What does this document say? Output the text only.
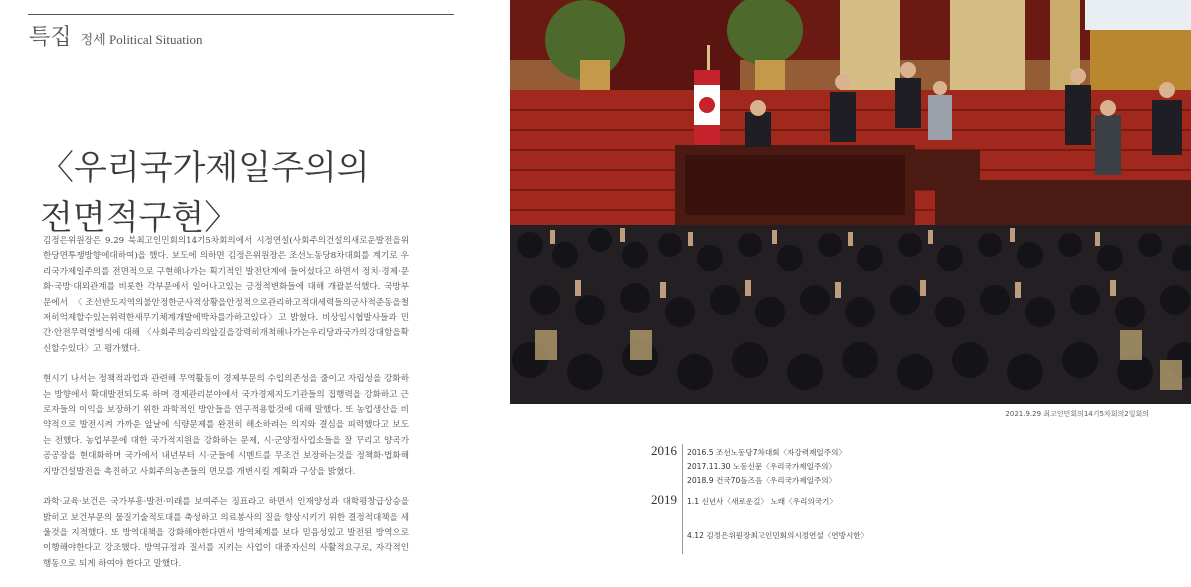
특집 정세 Political Situation
〈우리국가제일주의의
전면적구현〉

김정은위원장은 9.29 북최고인민회의14기5차회의에서 시정연설(사회주의건설의새로운발전을위한당면투쟁방향에대하여)을 했다. 보도에 의하면 김정은위원장은 조선노동당8차대회를 계기로 우리국가제일주의를 전면적으로 구현해나가는 획기적인 발전단계에 들어섰다고 하면서 정치·경제·문화·국방·대외관계를 비롯한 각부문에서 일어나고있는 긍정적변화들에 대해 개괄분석했다. 국방부문에서 〈조선반도지역의불안정한군사적상황을안정적으로관리하고적대세력들의군사적준동을철저히억제할수있는위력한새무기체계개발에박차를가하고있다〉고 밝혔다. 비상임시협발사들과 민간·안전무력열병식에 대해 〈사회주의승리의앞길을강력히개척해나가는우리당과국가의강대함을확신할수있다〉고 평가했다.

현시기 나서는 정책적과업과 관련해 무역활동이 경제부문의 수입의존성을 줄이고 자립성을 강화하는 방향에서 확대발전되도록 하며 경제관리분야에서 국가경제지도기관들의 집행력을 강화하고 근로자들의 이익을 보장하기 위한 과학적인 방안들을 연구적용할것에 대해 말했다. 또 농업생산을 비약적으로 발전시켜 가까운 앞날에 식량문제를 완전히 해소하려는 의지와 결심을 피력했다고 보도는 전했다. 농업부문에 대한 국가적지원을 강화하는 문제, 시·군양정사업소들을 잘 꾸리고 양곡가공공장을 현대화하며 국가에서 내년부터 시·군들에 시멘트를 무조건 보장하는것을 정책화·법화해 지방건설발전을 촉진하고 사회주의농촌들의 면모를 개변시킬 계획과 구상을 밝혔다.

과학·교육·보건은 국가부흥·발전·미래를 보여주는 징표라고 하면서 인재양성과 대학평창급상승을 밝히고 보건부문의 물질기술적토대를 축성하고 의료봉사의 질을 향상시키기 위한 결정적대책을 세울것을 지적했다. 또 방역대책을 강화해야한다면서 방역체계를 보다 믿음성있고 발전된 방역으로 이행해야한다고 강조했다. 방역규정과 질서를 지키는 사업이 대중자신의 사활적요구로, 자각적인 행동으로 되게 하여야 한다고 말했다.

2021.9.29 최고인민회의14기5차회의2일회의
2016 2016.5 조선노동당7차대회〈자강력제일주의〉
2017.11.30 노동신문〈우리국가제일주의〉
2018.9 건국70돌즈음〈우리국가제일주의〉
2019 1.1 신년사〈새로운길〉 노래〈우리의국기〉
4.12 김정은위원장최고인민회의시정연설〈연방시한〉
